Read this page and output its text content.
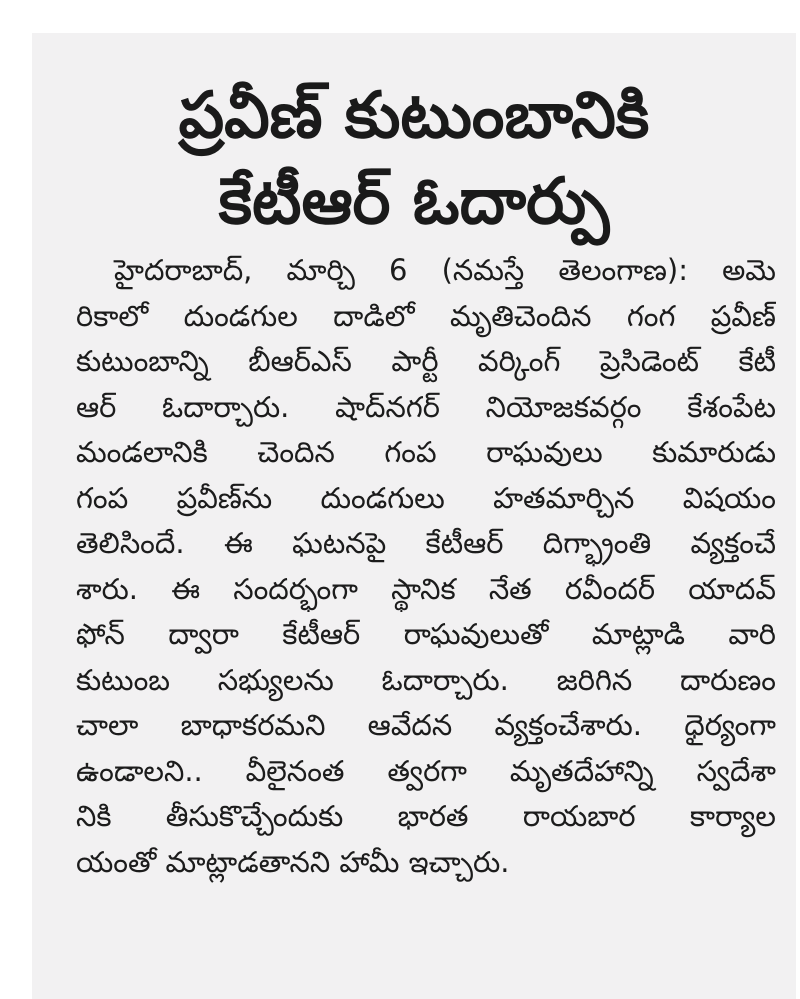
ప్రవీణ్ కుటుంబానికి
కేటీఆర్ ఓదార్పు
హైదరాబాద్, మార్చి 6 (నమస్తే తెలంగాణ): అమె
రికాలో దుండగుల దాడిలో మృతిచెందిన గంగ ప్రవీణ్
కుటుంబాన్ని బీఆర్ఎస్ పార్టీ వర్కింగ్ ప్రెసిడెంట్ కేటీ
ఆర్ ఓదార్చారు. షాద్‌నగర్ నియోజకవర్గం కేశంపేట
మండలానికి చెందిన గంప రాఘవులు కుమారుడు
గంప ప్రవీణ్‌ను దుండగులు హతమార్చిన విషయం
తెలిసిందే. ఈ ఘటనపై కేటీఆర్ దిగ్భ్రాంతి వ్యక్తంచే
శారు. ఈ సందర్భంగా స్థానిక నేత రవీందర్ యాదవ్
ఫోన్ ద్వారా కేటీఆర్ రాఘవులుతో మాట్లాడి వారి
కుటుంబ సభ్యులను ఓదార్చారు. జరిగిన దారుణం
చాలా బాధాకరమని ఆవేదన వ్యక్తంచేశారు. ధైర్యంగా
ఉండాలని.. వీలైనంత త్వరగా మృతదేహాన్ని స్వదేశా
నికి తీసుకొచ్చేందుకు భారత రాయబార కార్యాల
యంతో మాట్లాడతానని హామీ ఇచ్చారు.
